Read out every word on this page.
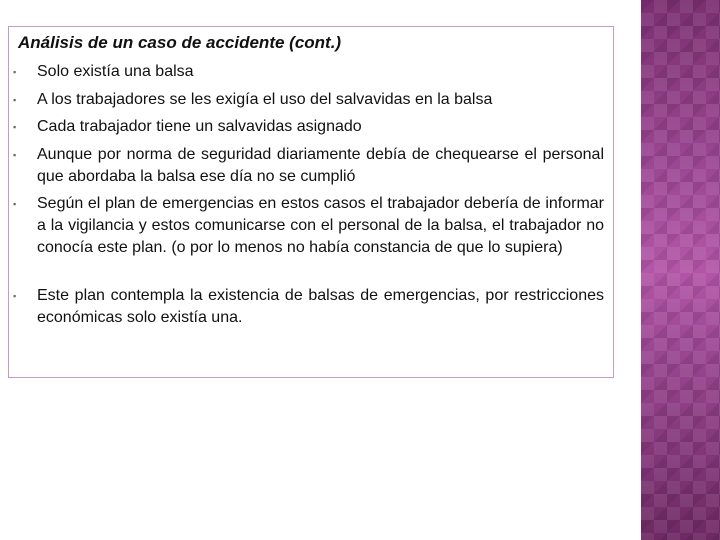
Análisis de un caso de accidente (cont.)
▪ Solo existía una balsa
▪ A los trabajadores se les exigía el uso del salvavidas en la balsa
▪ Cada trabajador tiene un salvavidas asignado
▪ Aunque por norma de seguridad diariamente debía de chequearse el personal que abordaba la balsa ese día no se cumplió
▪ Según el plan de emergencias en estos casos el trabajador debería de informar a la vigilancia y estos comunicarse con el personal de la balsa, el trabajador no conocía este plan. (o por lo menos no había constancia de que lo supiera)
▪ Este plan contempla la existencia de balsas de emergencias, por restricciones económicas solo existía una.
